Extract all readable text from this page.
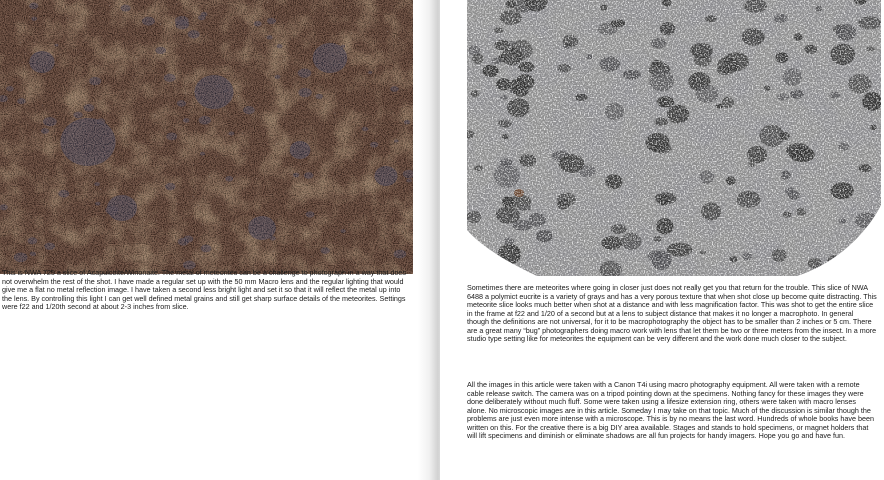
This is NWA 725 a slice of Acapulcoite/Winonaite. The metal of meteorites can be a challenge to photograph in a way that does not overwhelm the rest of the shot. I have made a regular set up with the 50 mm Macro lens and the regular lighting that would give me a flat no metal reflection image. I have taken a second less bright light and set it so that it will reflect the metal up into the lens. By controlling this light I can get well defined metal grains and still get sharp surface details of the meteorites. Settings were f22 and 1/20th second at about 2-3 inches from slice.

Sometimes there are meteorites where going in closer just does not really get you that return for the trouble. This slice of NWA 6488 a polymict eucrite is a variety of grays and has a very porous texture that when shot close up become quite distracting. This meteorite slice looks much better when shot at a distance and with less magnification factor. This was shot to get the entire slice in the frame at f22 and 1/20 of a second but at a lens to subject distance that makes it no longer a macrophoto. In general though the definitions are not universal, for it to be macrophotography the object has to be smaller than 2 inches or 5 cm. There are a great many “bug” photographers doing macro work with lens that let them be two or three meters from the insect. In a more studio type setting like for meteorites the equipment can be very different and the work done much closer to the subject.

All the images in this article were taken with a Canon T4i using macro photography equipment. All were taken with a remote cable release switch. The camera was on a tripod pointing down at the specimens. Nothing fancy for these images they were done deliberately without much fluff. Some were taken using a lifesize extension ring, others were taken with macro lenses alone. No microscopic images are in this article. Someday I may take on that topic. Much of the discussion is similar though the problems are just even more intense with a microscope. This is by no means the last word. Hundreds of whole books have been written on this. For the creative there is a big DIY area available. Stages and stands to hold specimens, or magnet holders that will lift specimens and diminish or eliminate shadows are all fun projects for handy imagers. Hope you go and have fun.
